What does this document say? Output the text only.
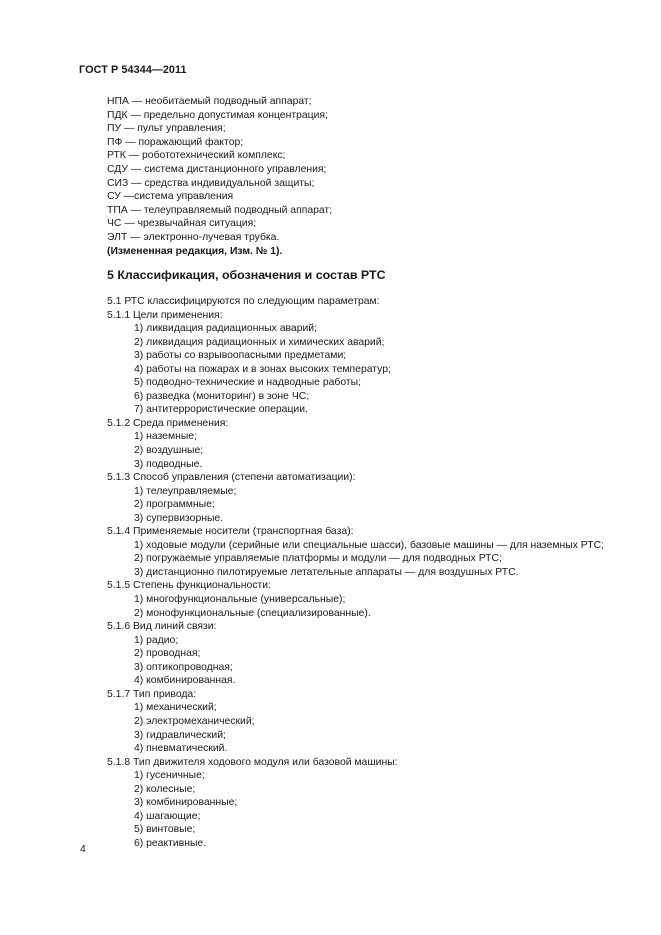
ГОСТ Р 54344—2011
НПА — необитаемый подводный аппарат;
ПДК — предельно допустимая концентрация;
ПУ — пульт управления;
ПФ — поражающий фактор;
РТК — робототехнический комплекс;
СДУ — система дистанционного управления;
СИЗ — средства индивидуальной защиты;
СУ —система управления
ТПА — телеуправляемый подводный аппарат;
ЧС — чрезвычайная ситуация;
ЭЛТ — электронно-лучевая трубка.
(Измененная редакция, Изм. № 1).
5 Классификация, обозначения и состав РТС
5.1 РТС классифицируются по следующим параметрам:
5.1.1 Цели применения:
1) ликвидация радиационных аварий;
2) ликвидация радиационных и химических аварий;
3) работы со взрывоопасными предметами;
4) работы на пожарах и в зонах высоких температур;
5) подводно-технические и надводные работы;
6) разведка (мониторинг) в зоне ЧС;
7) антитеррористические операции.
5.1.2 Среда применения:
1) наземные;
2) воздушные;
3) подводные.
5.1.3 Способ управления (степени автоматизации):
1) телеуправляемые;
2) программные;
3) супервизорные.
5.1.4 Применяемые носители (транспортная база):
1) ходовые модули (серийные или специальные шасси), базовые машины — для наземных РТС;
2) погружаемые управляемые платформы и модули — для подводных РТС;
3) дистанционно пилотируемые летательные аппараты — для воздушных РТС.
5.1.5 Степень функциональности:
1) многофункциональные (универсальные);
2) монофункциональные (специализированные).
5.1.6 Вид линий связи:
1) радио;
2) проводная;
3) оптикопроводная;
4) комбинированная.
5.1.7 Тип привода:
1) механический;
2) электромеханический;
3) гидравлический;
4) пневматический.
5.1.8 Тип движителя ходового модуля или базовой машины:
1) гусеничные;
2) колесные;
3) комбинированные;
4) шагающие;
5) винтовые;
6) реактивные.
4
